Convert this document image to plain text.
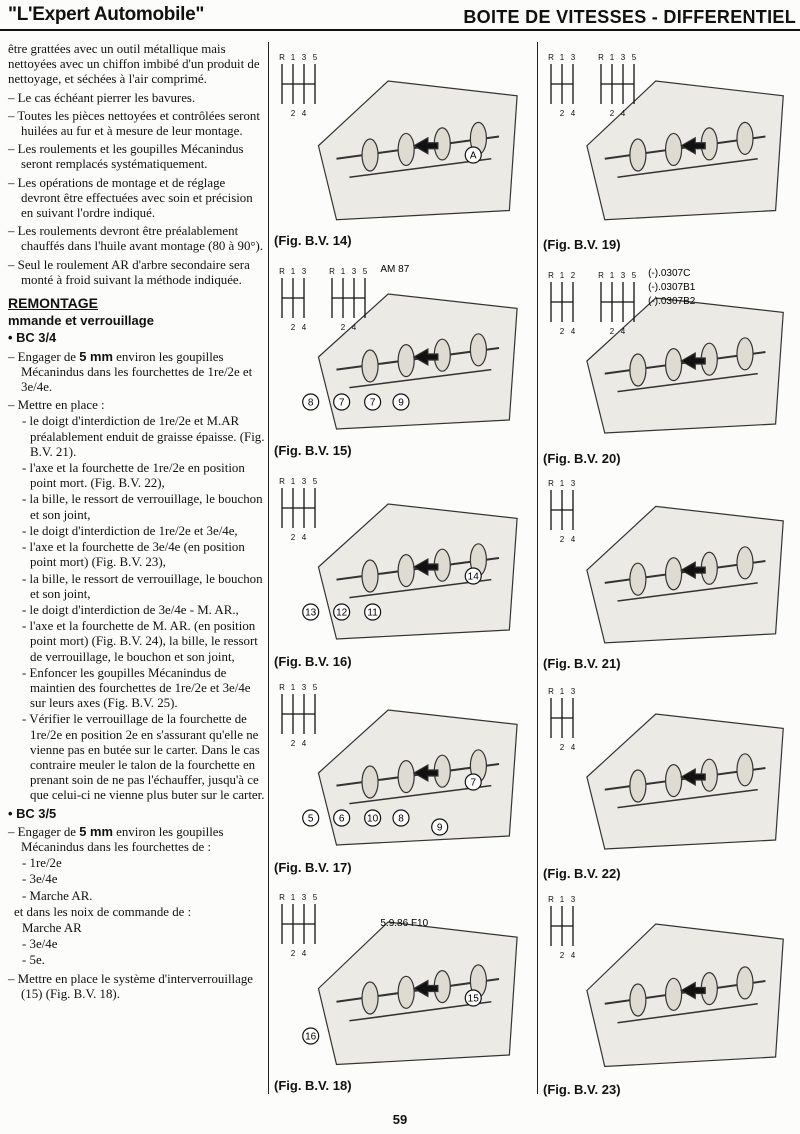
"L'Expert Automobile"	BOITE DE VITESSES - DIFFERENTIEL

être grattées avec un outil métallique mais nettoyées avec un chiffon imbibé d'un produit de nettoyage, et séchées à l'air comprimé.

– Le cas échéant pierrer les bavures.

– Toutes les pièces nettoyées et contrôlées seront huilées au fur et à mesure de leur montage.

– Les roulements et les goupilles Mécanindus seront remplacés systématiquement.

– Les opérations de montage et de réglage devront être effectuées avec soin et précision en suivant l'ordre indiqué.

– Les roulements devront être préalablement chauffés dans l'huile avant montage (80 à 90°).

– Seul le roulement AR d'arbre secondaire sera monté à froid suivant la méthode indiquée.

REMONTAGE

mmande et verrouillage

• BC 3/4

– Engager de 5 mm environ les goupilles Mécanindus dans les fourchettes de 1re/2e et 3e/4e.

– Mettre en place :

- le doigt d'interdiction de 1re/2e et M.AR préalablement enduit de graisse épaisse. (Fig. B.V. 21).

- l'axe et la fourchette de 1re/2e en position point mort. (Fig. B.V. 22),

- la bille, le ressort de verrouillage, le bouchon et son joint,

- le doigt d'interdiction de 1re/2e et 3e/4e,

- l'axe et la fourchette de 3e/4e (en position point mort) (Fig. B.V. 23),

- la bille, le ressort de verrouillage, le bouchon et son joint,

- le doigt d'interdiction de 3e/4e - M. AR.,

- l'axe et la fourchette de M. AR. (en position point mort) (Fig. B.V. 24), la bille, le ressort de verrouillage, le bouchon et son joint,

- Enfoncer les goupilles Mécanindus de maintien des fourchettes de 1re/2e et 3e/4e sur leurs axes (Fig. B.V. 25).

- Vérifier le verrouillage de la fourchette de 1re/2e en position 2e en s'assurant qu'elle ne vienne pas en butée sur le carter. Dans le cas contraire meuler le talon de la fourchette en prenant soin de ne pas l'échauffer, jusqu'à ce que celui-ci ne vienne plus buter sur le carter.

• BC 3/5

– Engager de 5 mm environ les goupilles Mécanindus dans les fourchettes de :

- 1re/2e

- 3e/4e

- Marche AR.

et dans les noix de commande de :

Marche AR

- 3e/4e

- 5e.

– Mettre en place le système d'interverrouillage (15) (Fig. B.V. 18).

R 1 3 5
2 4
A
(Fig. B.V. 14)
R 1 3	R 1 3 5
2 4	2 4
(Fig. B.V. 19)
R 1 3	R 1 3 5
2 4	2 4
AM 87
8	7	7 9
(Fig. B.V. 15)
R 1 2	R 1 3 5
2 4	2 4
(-).0307C
(-).0307B1
(-).0307B2
(Fig. B.V. 20)
R 1 3 5
2 4
14
13 12 11
(Fig. B.V. 16)
R 1 3
2 4
(Fig. B.V. 21)
R 1 3 5
2 4
7
5	6 10 8
9
(Fig. B.V. 17)
R 1 3
2 4
(Fig. B.V. 22)
R 1 3 5
2 4
15
16
5.9.86 F10
(Fig. B.V. 18)
R 1 3
2 4
(Fig. B.V. 23)
59
